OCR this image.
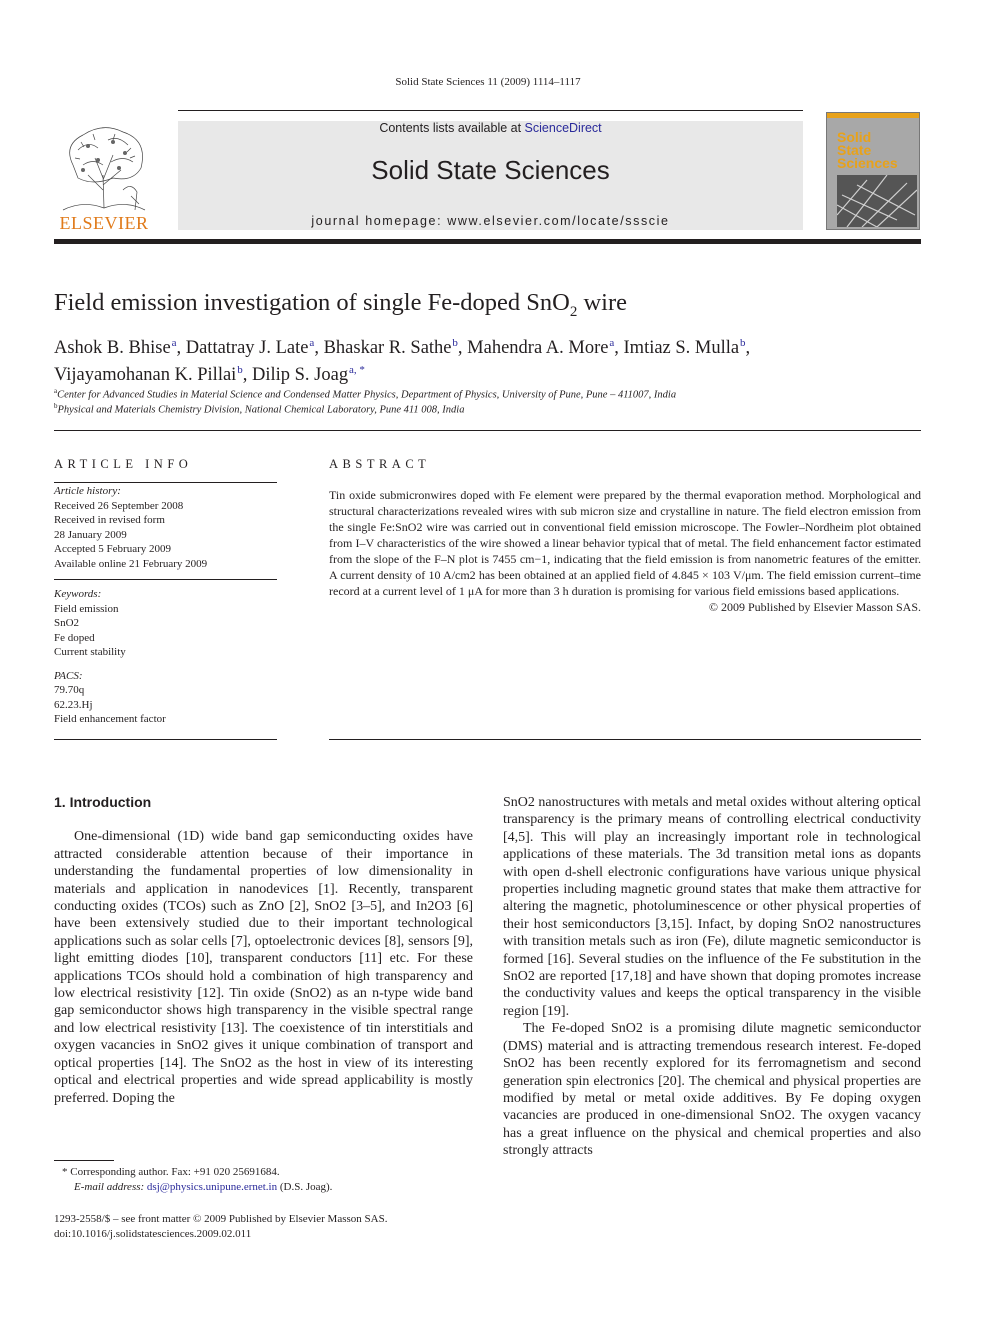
Solid State Sciences 11 (2009) 1114–1117
ELSEVIER
Contents lists available at ScienceDirect
Solid State Sciences
journal homepage: www.elsevier.com/locate/ssscie
Solid
State
Sciences
Field emission investigation of single Fe-doped SnO$_2$ wire
Ashok B. Bhise $^a$, Dattatray J. Late $^a$, Bhaskar R. Sathe $^b$, Mahendra A. More $^a$, Imtiaz S. Mulla $^b$,
Vijayamohanan K. Pillai $^b$, Dilip S. Joag $^{a, *}$
$^a$Center for Advanced Studies in Material Science and Condensed Matter Physics, Department of Physics, University of Pune, Pune – 411007, India
$^b$Physical and Materials Chemistry Division, National Chemical Laboratory, Pune 411 008, India
ARTICLE INFO
Article history:
Received 26 September 2008
Received in revised form
28 January 2009
Accepted 5 February 2009
Available online 21 February 2009
Keywords:
Field emission
SnO2
Fe doped
Current stability
PACS:
79.70q
62.23.Hj
Field enhancement factor
ABSTRACT

Tin oxide submicronwires doped with Fe element were prepared by the thermal evaporation method. Morphological and structural characterizations revealed wires with sub micron size and crystalline in nature. The field electron emission from the single Fe:SnO2 wire was carried out in conventional field emission microscope. The Fowler–Nordheim plot obtained from I–V characteristics of the wire showed a linear behavior typical that of metal. The field enhancement factor estimated from the slope of the F–N plot is 7455 cm−1, indicating that the field emission is from nanometric features of the emitter. A current density of 10 A/cm2 has been obtained at an applied field of 4.845 × 103 V/μm. The field emission current–time record at a current level of 1 μA for more than 3 h duration is promising for various field emissions based applications.

© 2009 Published by Elsevier Masson SAS.

1. Introduction

One-dimensional (1D) wide band gap semiconducting oxides have attracted considerable attention because of their importance in understanding the fundamental properties of low dimensionality in materials and application in nanodevices [1]. Recently, transparent conducting oxides (TCOs) such as ZnO [2], SnO2 [3–5], and In2O3 [6] have been extensively studied due to their important technological applications such as solar cells [7], optoelectronic devices [8], sensors [9], light emitting diodes [10], transparent conductors [11] etc. For these applications TCOs should hold a combination of high transparency and low electrical resistivity [12]. Tin oxide (SnO2) as an n-type wide band gap semiconductor shows high transparency in the visible spectral range and low electrical resistivity [13]. The coexistence of tin interstitials and oxygen vacancies in SnO2 gives it unique combination of transport and optical properties [14]. The SnO2 as the host in view of its interesting optical and electrical properties and wide spread applicability is mostly preferred. Doping the

SnO2 nanostructures with metals and metal oxides without altering optical transparency is the primary means of controlling electrical conductivity [4,5]. This will play an increasingly important role in technological applications of these materials. The 3d transition metal ions as dopants with open d-shell electronic configurations have various unique physical properties including magnetic ground states that make them attractive for altering the magnetic, photoluminescence or other physical properties of their host semiconductors [3,15]. Infact, by doping SnO2 nanostructures with transition metals such as iron (Fe), dilute magnetic semiconductor is formed [16]. Several studies on the influence of the Fe substitution in the SnO2 are reported [17,18] and have shown that doping promotes increase the conductivity values and keeps the optical transparency in the visible region [19].

The Fe-doped SnO2 is a promising dilute magnetic semiconductor (DMS) material and is attracting tremendous research interest. Fe-doped SnO2 has been recently explored for its ferromagnetism and second generation spin electronics [20]. The chemical and physical properties are modified by metal or metal oxide additives. By Fe doping oxygen vacancies are produced in one-dimensional SnO2. The oxygen vacancy has a great influence on the physical and chemical properties and also strongly attracts

* Corresponding author. Fax: +91 020 25691684.
E-mail address: dsj@physics.unipune.ernet.in (D.S. Joag).
1293-2558/$ – see front matter © 2009 Published by Elsevier Masson SAS.
doi:10.1016/j.solidstatesciences.2009.02.011
